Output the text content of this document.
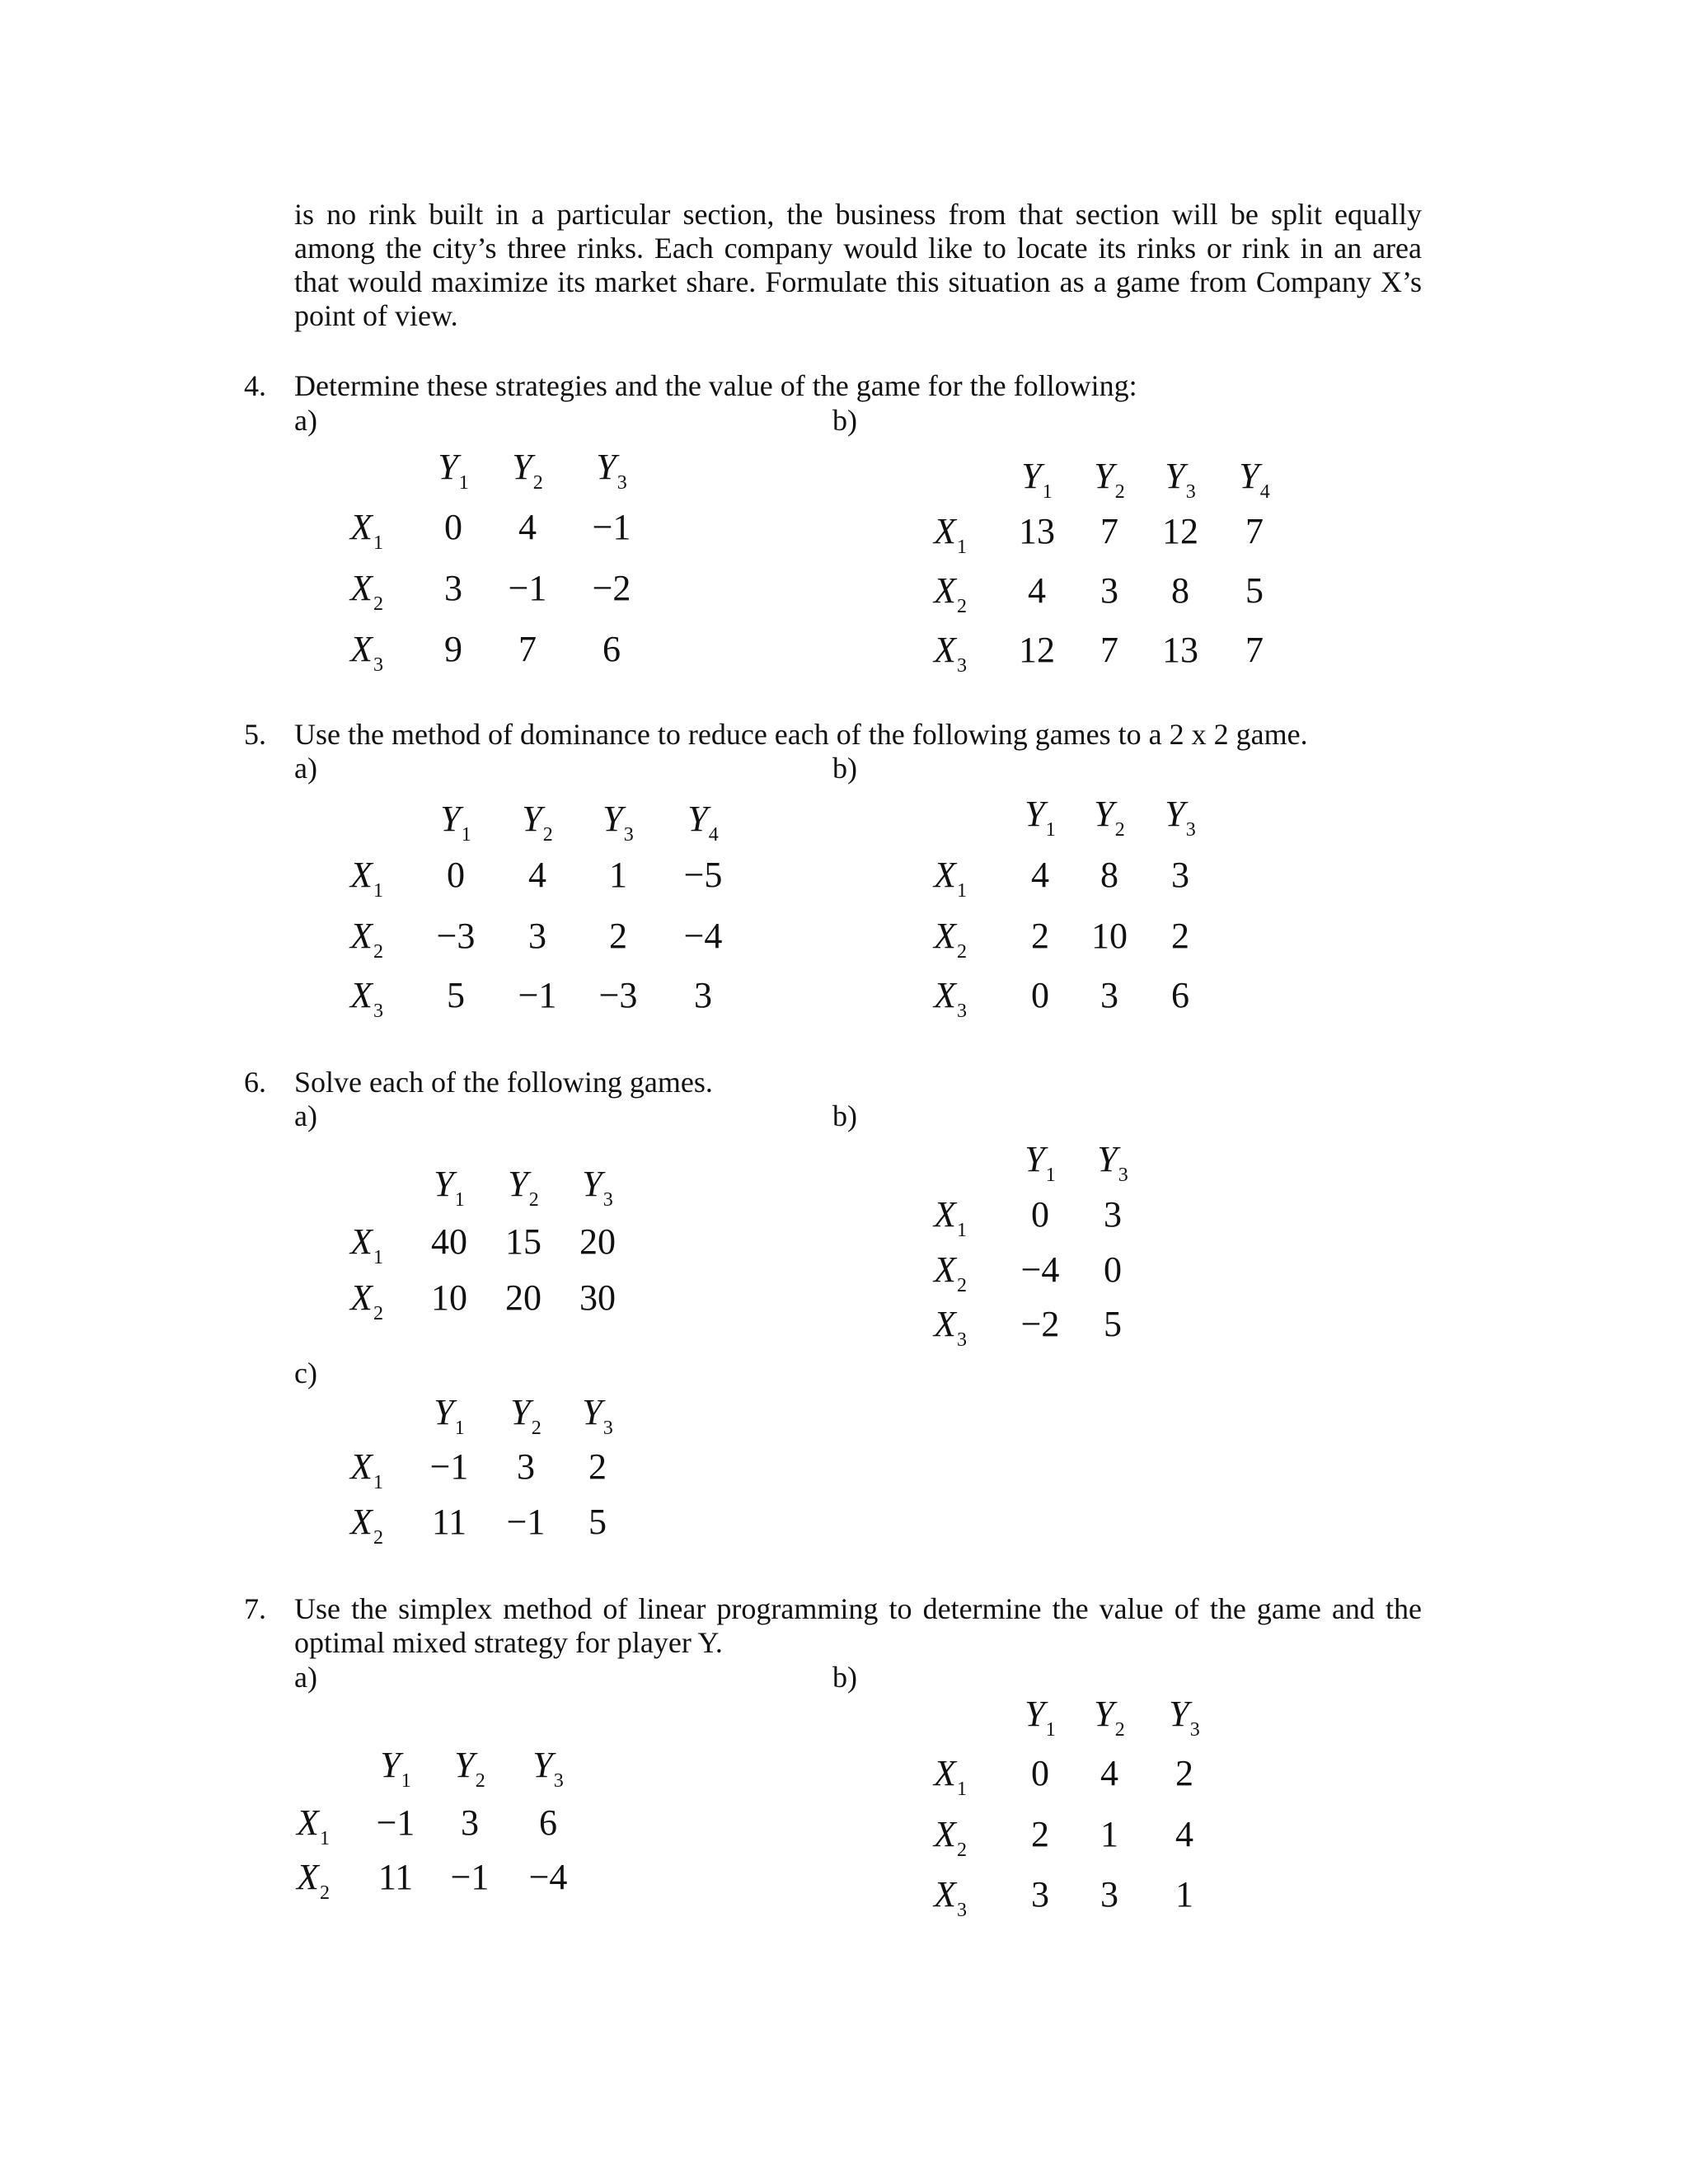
is no rink built in a particular section, the business from that section will be split equally
among the city’s three rinks. Each company would like to locate its rinks or rink in an area
that would maximize its market share. Formulate this situation as a game from Company X’s
point of view.
4. Determine these strategies and the value of the game for the following:
a)	b)
$Y_1$ $Y_2$ $Y_3$
$X_1$ 0 4 −1
$X_2$ 3 −1 −2
$X_3$ 9 7 6
$Y_1$ $Y_2$ $Y_3$ $Y_4$
$X_1$ 13 7 12 7
$X_2$ 4 3 8 5
$X_3$ 12 7 13 7
5. Use the method of dominance to reduce each of the following games to a 2 x 2 game.
a)	b)
$Y_1$ $Y_2$ $Y_3$ $Y_4$
$X_1$ 0 4 1 −5
$X_2 -3$ 3 2 −4
$X_3$ 5 −1 −3 3
$Y_1$ $Y_2$ $Y_3$
$X_1$ 4 8 3
$X_2$ 2 10 2
$X_3$ 0 3 6
6. Solve each of the following games.
a)	b)
c)
$Y_1$ $Y_2$ $Y_3$
$X_1$ 40 15 20
$X_2$ 10 20 30
$Y_1$ $Y_3$
$X_1$ 0 3
$X_2 -4$ 0
$X_3 -2$ 5
$Y_1$ $Y_2$ $Y_3$
$X_1 -1$ 3 2
$X_2$ 11 −1 5
7. Use the simplex method of linear programming to determine the value of the game and the
optimal mixed strategy for player Y.
a)	b)
$Y_1$ $Y_2$ $Y_3$
$X_1 -1$ 3 6
$X_2$ 11 −1 −4
$Y_1$ $Y_2$ $Y_3$
$X_1$ 0 4 2
$X_2$ 2 1 4
$X_3$ 3 3 1
